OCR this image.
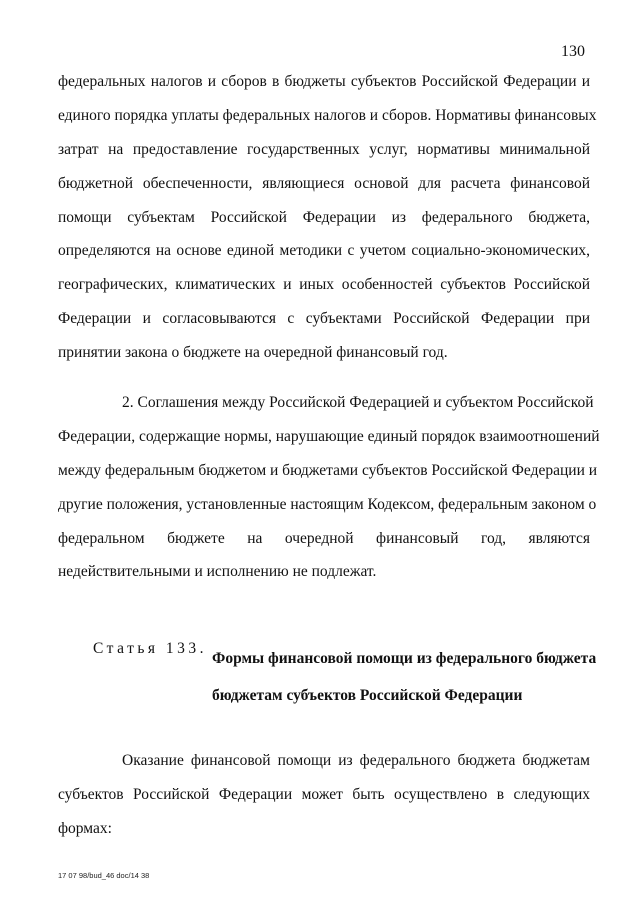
130
федеральных налогов и сборов в бюджеты субъектов Российской Федерации и
единого порядка уплаты федеральных налогов и сборов. Нормативы финансовых
затрат на предоставление государственных услуг, нормативы минимальной
бюджетной обеспеченности, являющиеся основой для расчета финансовой
помощи субъектам Российской Федерации из федерального бюджета,
определяются на основе единой методики с учетом социально-экономических,
географических, климатических и иных особенностей субъектов Российской
Федерации и согласовываются с субъектами Российской Федерации при
принятии закона о бюджете на очередной финансовый год.
2. Соглашения между Российской Федерацией и субъектом Российской
Федерации, содержащие нормы, нарушающие единый порядок взаимоотношений
между федеральным бюджетом и бюджетами субъектов Российской Федерации и
другие положения, установленные настоящим Кодексом, федеральным законом о
федеральном бюджете на очередной финансовый год, являются
недействительными и исполнению не подлежат.
Статья 133.
Формы финансовой помощи из федерального бюджета
бюджетам субъектов Российской Федерации
Оказание финансовой помощи из федерального бюджета бюджетам
субъектов Российской Федерации может быть осуществлено в следующих
формах:
17 07 98/bud_46 doc/14 38
